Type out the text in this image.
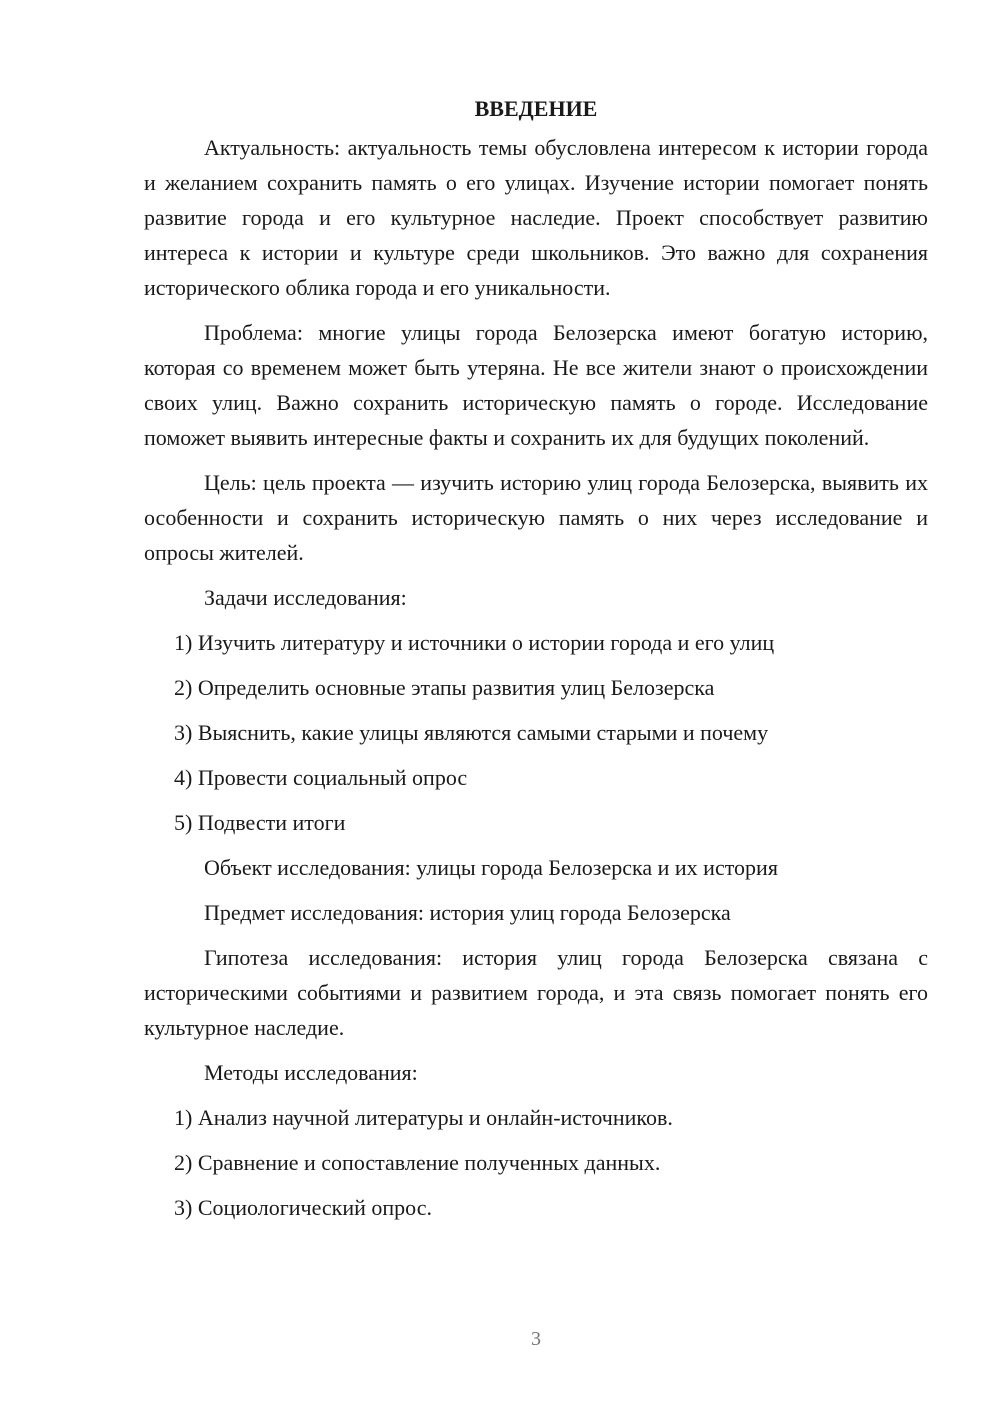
ВВЕДЕНИЕ

Актуальность: актуальность темы обусловлена интересом к истории города и желанием сохранить память о его улицах. Изучение истории помогает понять развитие города и его культурное наследие. Проект способствует развитию интереса к истории и культуре среди школьников. Это важно для сохранения исторического облика города и его уникальности.

Проблема: многие улицы города Белозерска имеют богатую историю, которая со временем может быть утеряна. Не все жители знают о происхождении своих улиц. Важно сохранить историческую память о городе. Исследование поможет выявить интересные факты и сохранить их для будущих поколений.

Цель: цель проекта — изучить историю улиц города Белозерска, выявить их особенности и сохранить историческую память о них через исследование и опросы жителей.

Задачи исследования:
1) Изучить литературу и источники о истории города и его улиц
2) Определить основные этапы развития улиц Белозерска
3) Выяснить, какие улицы являются самыми старыми и почему
4) Провести социальный опрос
5) Подвести итоги
Объект исследования: улицы города Белозерска и их история
Предмет исследования: история улиц города Белозерска

Гипотеза исследования: история улиц города Белозерска связана с историческими событиями и развитием города, и эта связь помогает понять его культурное наследие.

Методы исследования:
1) Анализ научной литературы и онлайн-источников.
2) Сравнение и сопоставление полученных данных.
3) Социологический опрос.
3
